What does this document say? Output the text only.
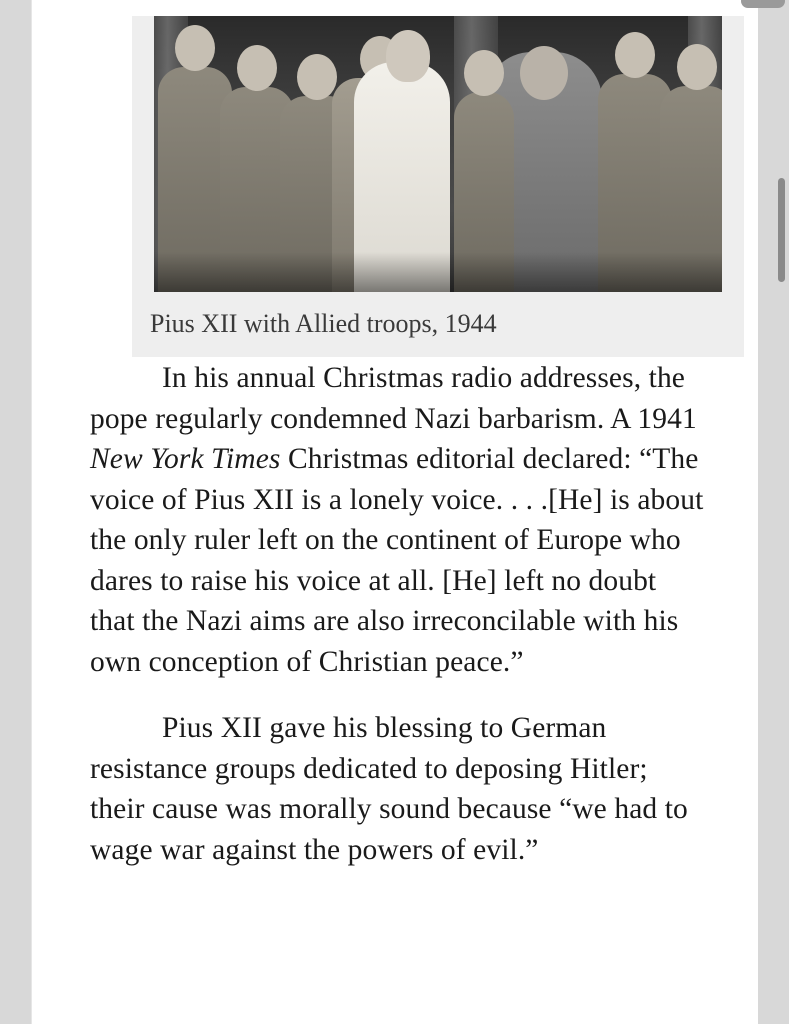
Pius XII with Allied troops, 1944

In his annual Christmas radio addresses, the pope regularly condemned Nazi barbarism. A 1941 New York Times Christmas editorial declared: “The voice of Pius XII is a lonely voice. . . .[He] is about the only ruler left on the continent of Europe who dares to raise his voice at all. [He] left no doubt that the Nazi aims are also irreconcilable with his own conception of Christian peace.”

Pius XII gave his blessing to German resistance groups dedicated to deposing Hitler; their cause was morally sound because “we had to wage war against the powers of evil.”
